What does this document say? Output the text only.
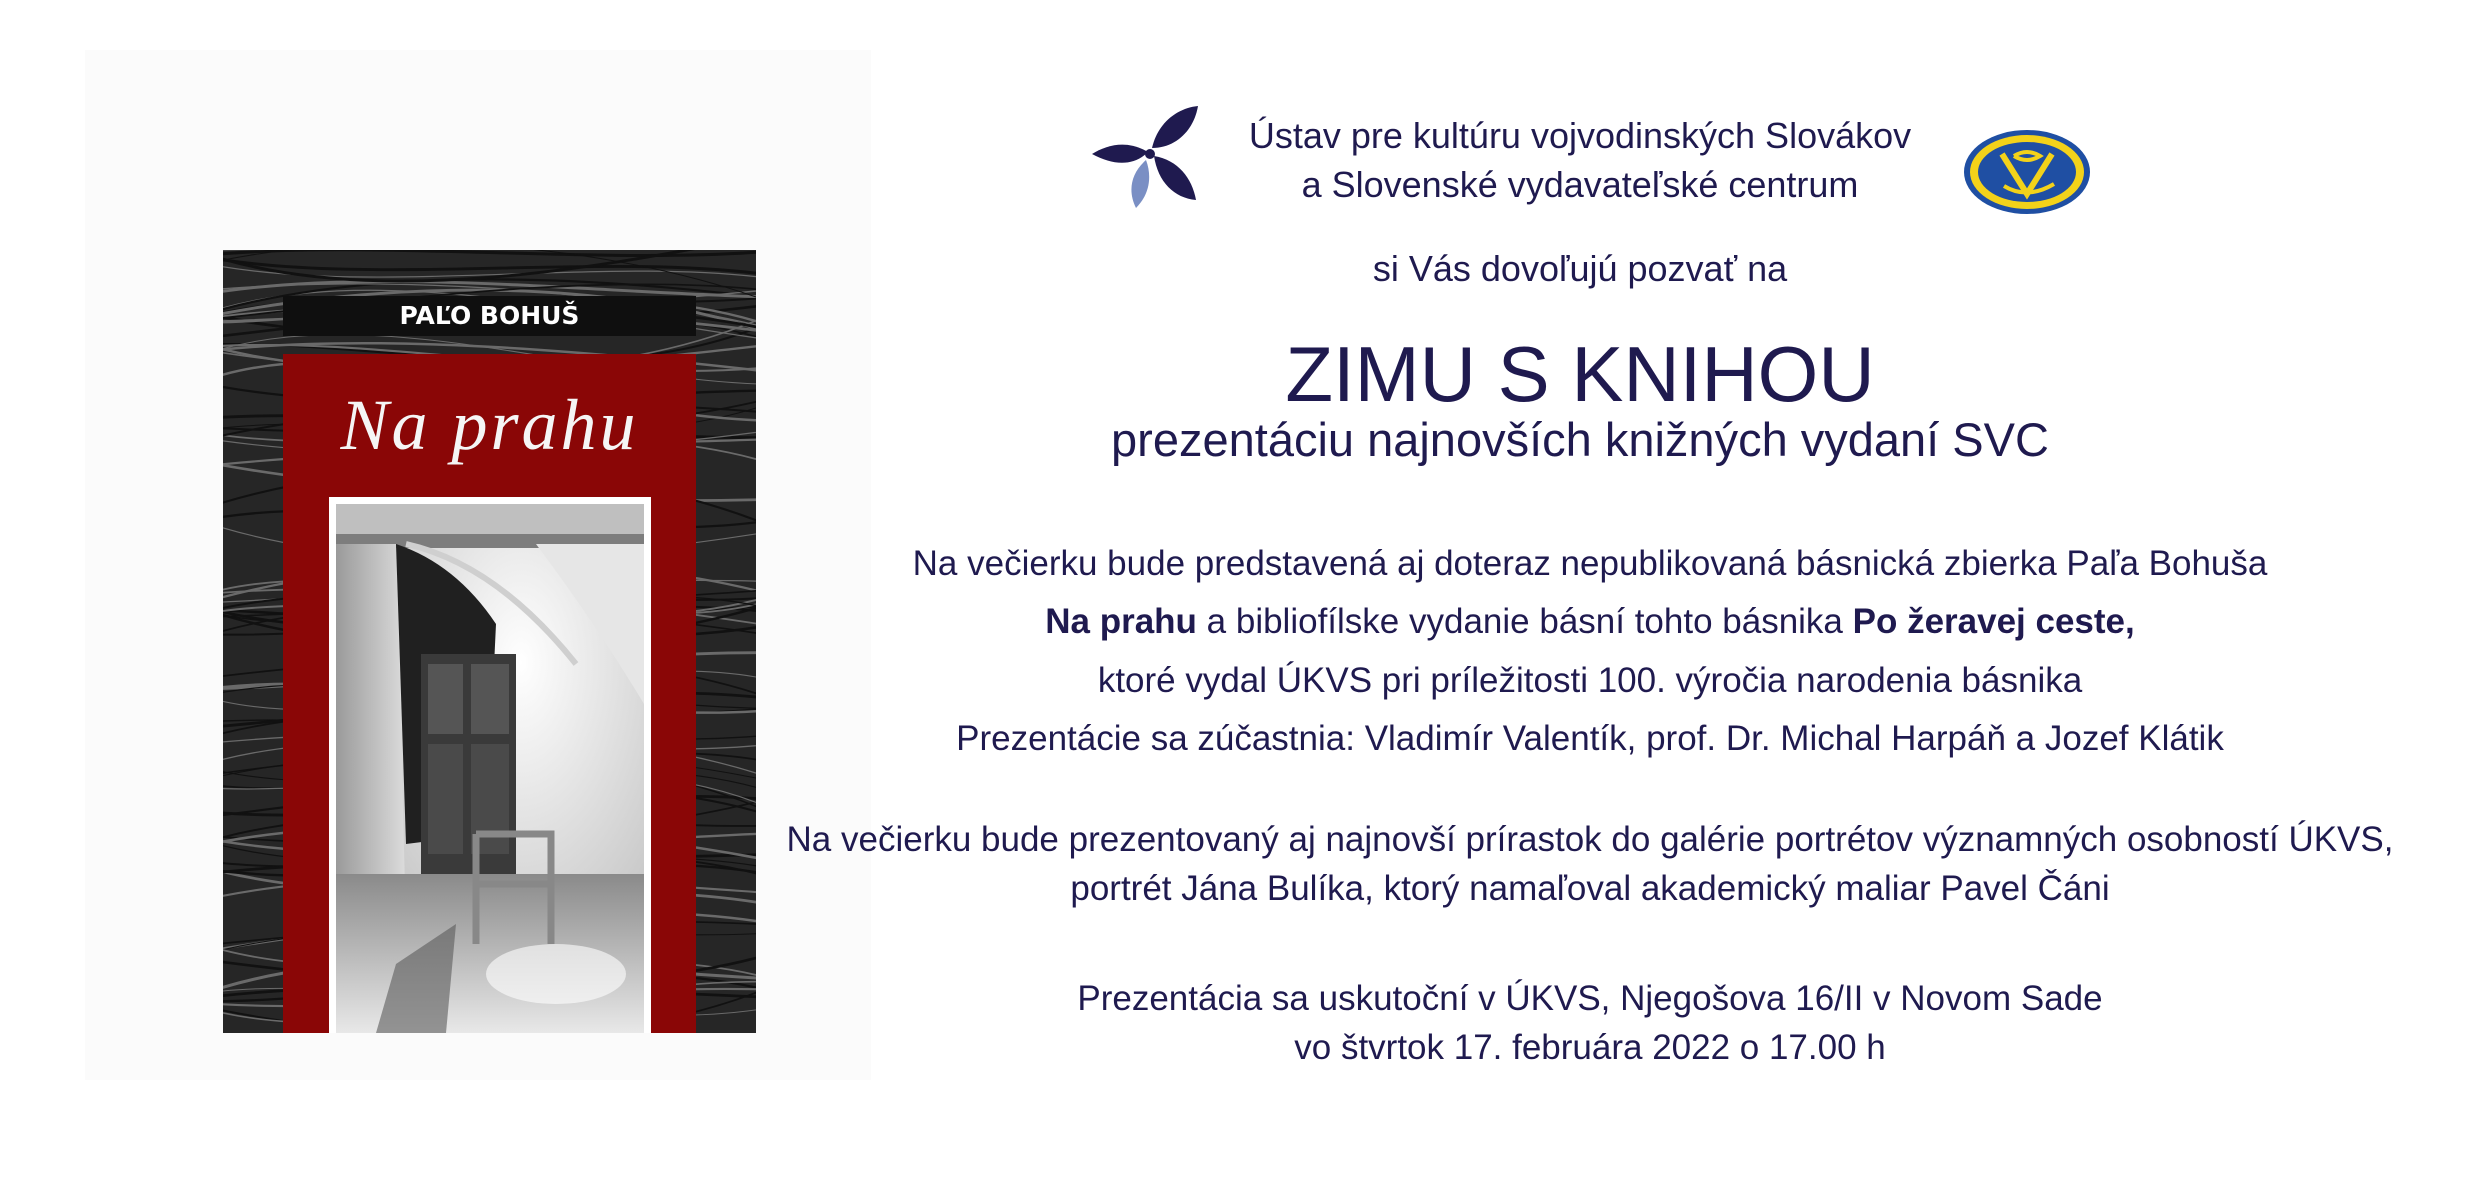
PAĽO BOHUŠ
Na prahu
Ústav pre kultúru vojvodinských Slovákov
a Slovenské vydavateľské centrum
si Vás dovoľujú pozvať na
ZIMU S KNIHOU
prezentáciu najnovších knižných vydaní SVC
Na večierku bude predstavená aj doteraz nepublikovaná básnická zbierka Paľa Bohuša
Na prahu a bibliofílske vydanie básní tohto básnika Po žeravej ceste,
ktoré vydal ÚKVS pri príležitosti 100. výročia narodenia básnika
Prezentácie sa zúčastnia: Vladimír Valentík, prof. Dr. Michal Harpáň a Jozef Klátik
Na večierku bude prezentovaný aj najnovší prírastok do galérie portrétov významných osobností ÚKVS,
portrét Jána Bulíka, ktorý namaľoval akademický maliar Pavel Čáni
Prezentácia sa uskutoční v ÚKVS, Njegošova 16/II v Novom Sade
vo štvrtok 17. februára 2022 o 17.00 h
